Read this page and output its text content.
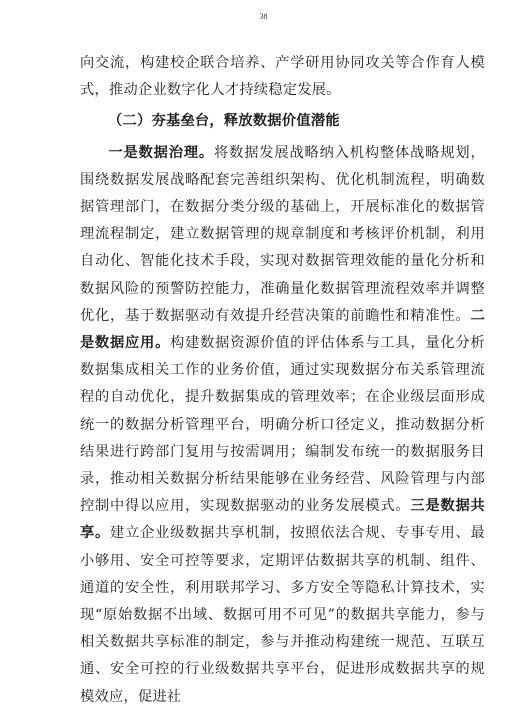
38

向交流，构建校企联合培养、产学研用协同攻关等合作育人模式，推动企业数字化人才持续稳定发展。

（二）夯基垒台，释放数据价值潜能

一是数据治理。将数据发展战略纳入机构整体战略规划，围绕数据发展战略配套完善组织架构、优化机制流程，明确数据管理部门，在数据分类分级的基础上，开展标准化的数据管理流程制定，建立数据管理的规章制度和考核评价机制，利用自动化、智能化技术手段，实现对数据管理效能的量化分析和数据风险的预警防控能力，准确量化数据管理流程效率并调整优化，基于数据驱动有效提升经营决策的前瞻性和精准性。二是数据应用。构建数据资源价值的评估体系与工具，量化分析数据集成相关工作的业务价值，通过实现数据分布关系管理流程的自动优化，提升数据集成的管理效率；在企业级层面形成统一的数据分析管理平台，明确分析口径定义，推动数据分析结果进行跨部门复用与按需调用；编制发布统一的数据服务目录，推动相关数据分析结果能够在业务经营、风险管理与内部控制中得以应用，实现数据驱动的业务发展模式。三是数据共享。建立企业级数据共享机制，按照依法合规、专事专用、最小够用、安全可控等要求，定期评估数据共享的机制、组件、通道的安全性，利用联邦学习、多方安全等隐私计算技术，实现“原始数据不出域、数据可用不可见”的数据共享能力，参与相关数据共享标准的制定，参与并推动构建统一规范、互联互通、安全可控的行业级数据共享平台，促进形成数据共享的规模效应，促进社
